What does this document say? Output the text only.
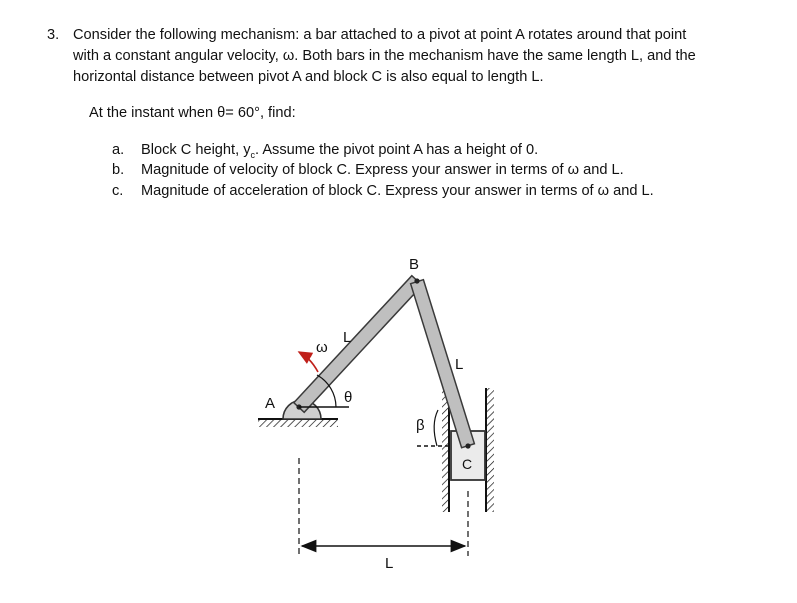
3. Consider the following mechanism: a bar attached to a pivot at point A rotates around that point
with a constant angular velocity, ω. Both bars in the mechanism have the same length L, and the
horizontal distance between pivot A and block C is also equal to length L.
At the instant when θ= 60°, find:
a. Block C height, $y_c$. Assume the pivot point A has a height of 0.
b. Magnitude of velocity of block C. Express your answer in terms of ω and L.
c. Magnitude of acceleration of block C. Express your answer in terms of ω and L.
A
B
C
L
L
L
ω
θ
β
